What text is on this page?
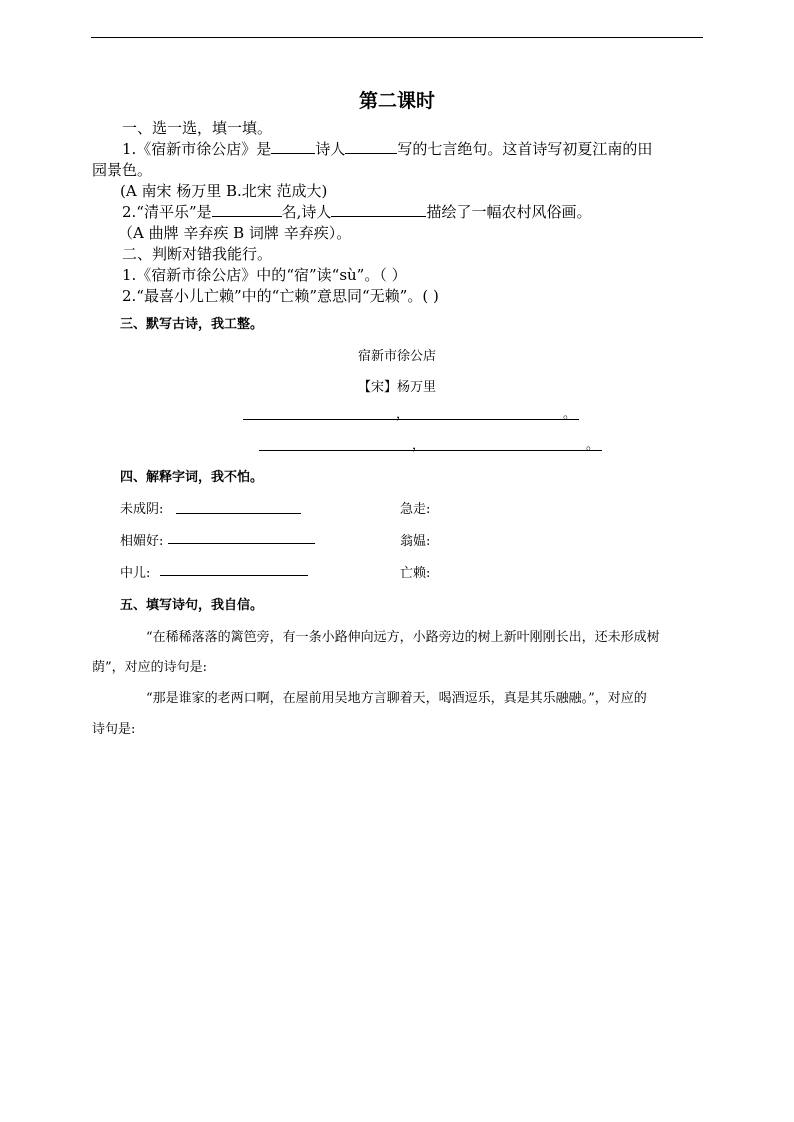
第二课时
一、选一选，填一填。
1.《宿新市徐公店》是	诗人	写的七言绝句。这首诗写初夏江南的田
园景色。
(A 南宋 杨万里 B.北宋 范成大)
2.“清平乐”是	名,诗人	描绘了一幅农村风俗画。
（A 曲牌 辛弃疾 B 词牌 辛弃疾）。
二、判断对错我能行。
1.《宿新市徐公店》中的“宿”读“sù”。（ ）
2.“最喜小儿亡赖”中的“亡赖”意思同“无赖”。( )
三、默写古诗，我工整。
宿新市徐公店
【宋】杨万里
，	。
，	。
四、解释字词，我不怕。
未成阴:	急走:
相媚好:	翁媪:
中儿:	亡赖:
五、填写诗句，我自信。
“在稀稀落落的篱笆旁，有一条小路伸向远方，小路旁边的树上新叶刚刚长出，还未形成树
荫”，对应的诗句是:
“那是谁家的老两口啊，在屋前用吴地方言聊着天，喝酒逗乐，真是其乐融融。”，对应的
诗句是:
